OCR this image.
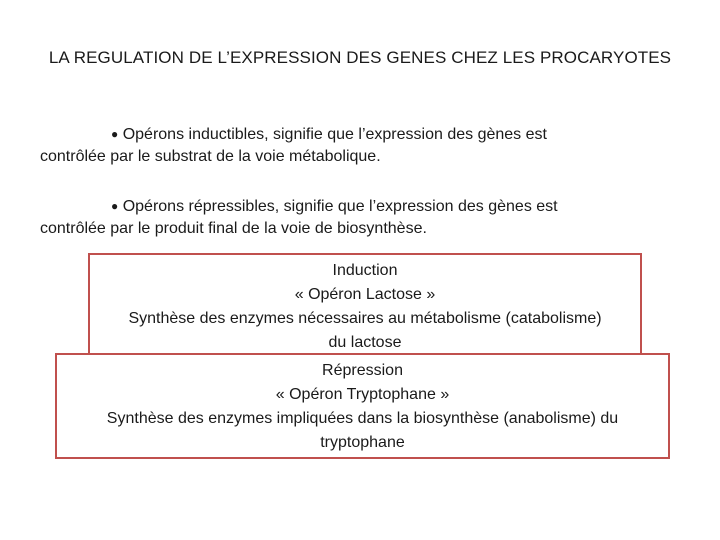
LA REGULATION DE L’EXPRESSION DES GENES CHEZ LES PROCARYOTES
● Opérons inductibles, signifie que l’expression des gènes est
contrôlée par le substrat de la voie métabolique.
● Opérons répressibles, signifie que l’expression des gènes est
contrôlée par le produit final de la voie de biosynthèse.
Induction
« Opéron Lactose »
Synthèse des enzymes nécessaires au métabolisme (catabolisme)
du lactose
Répression
« Opéron Tryptophane »
Synthèse des enzymes impliquées dans la biosynthèse (anabolisme) du
tryptophane
